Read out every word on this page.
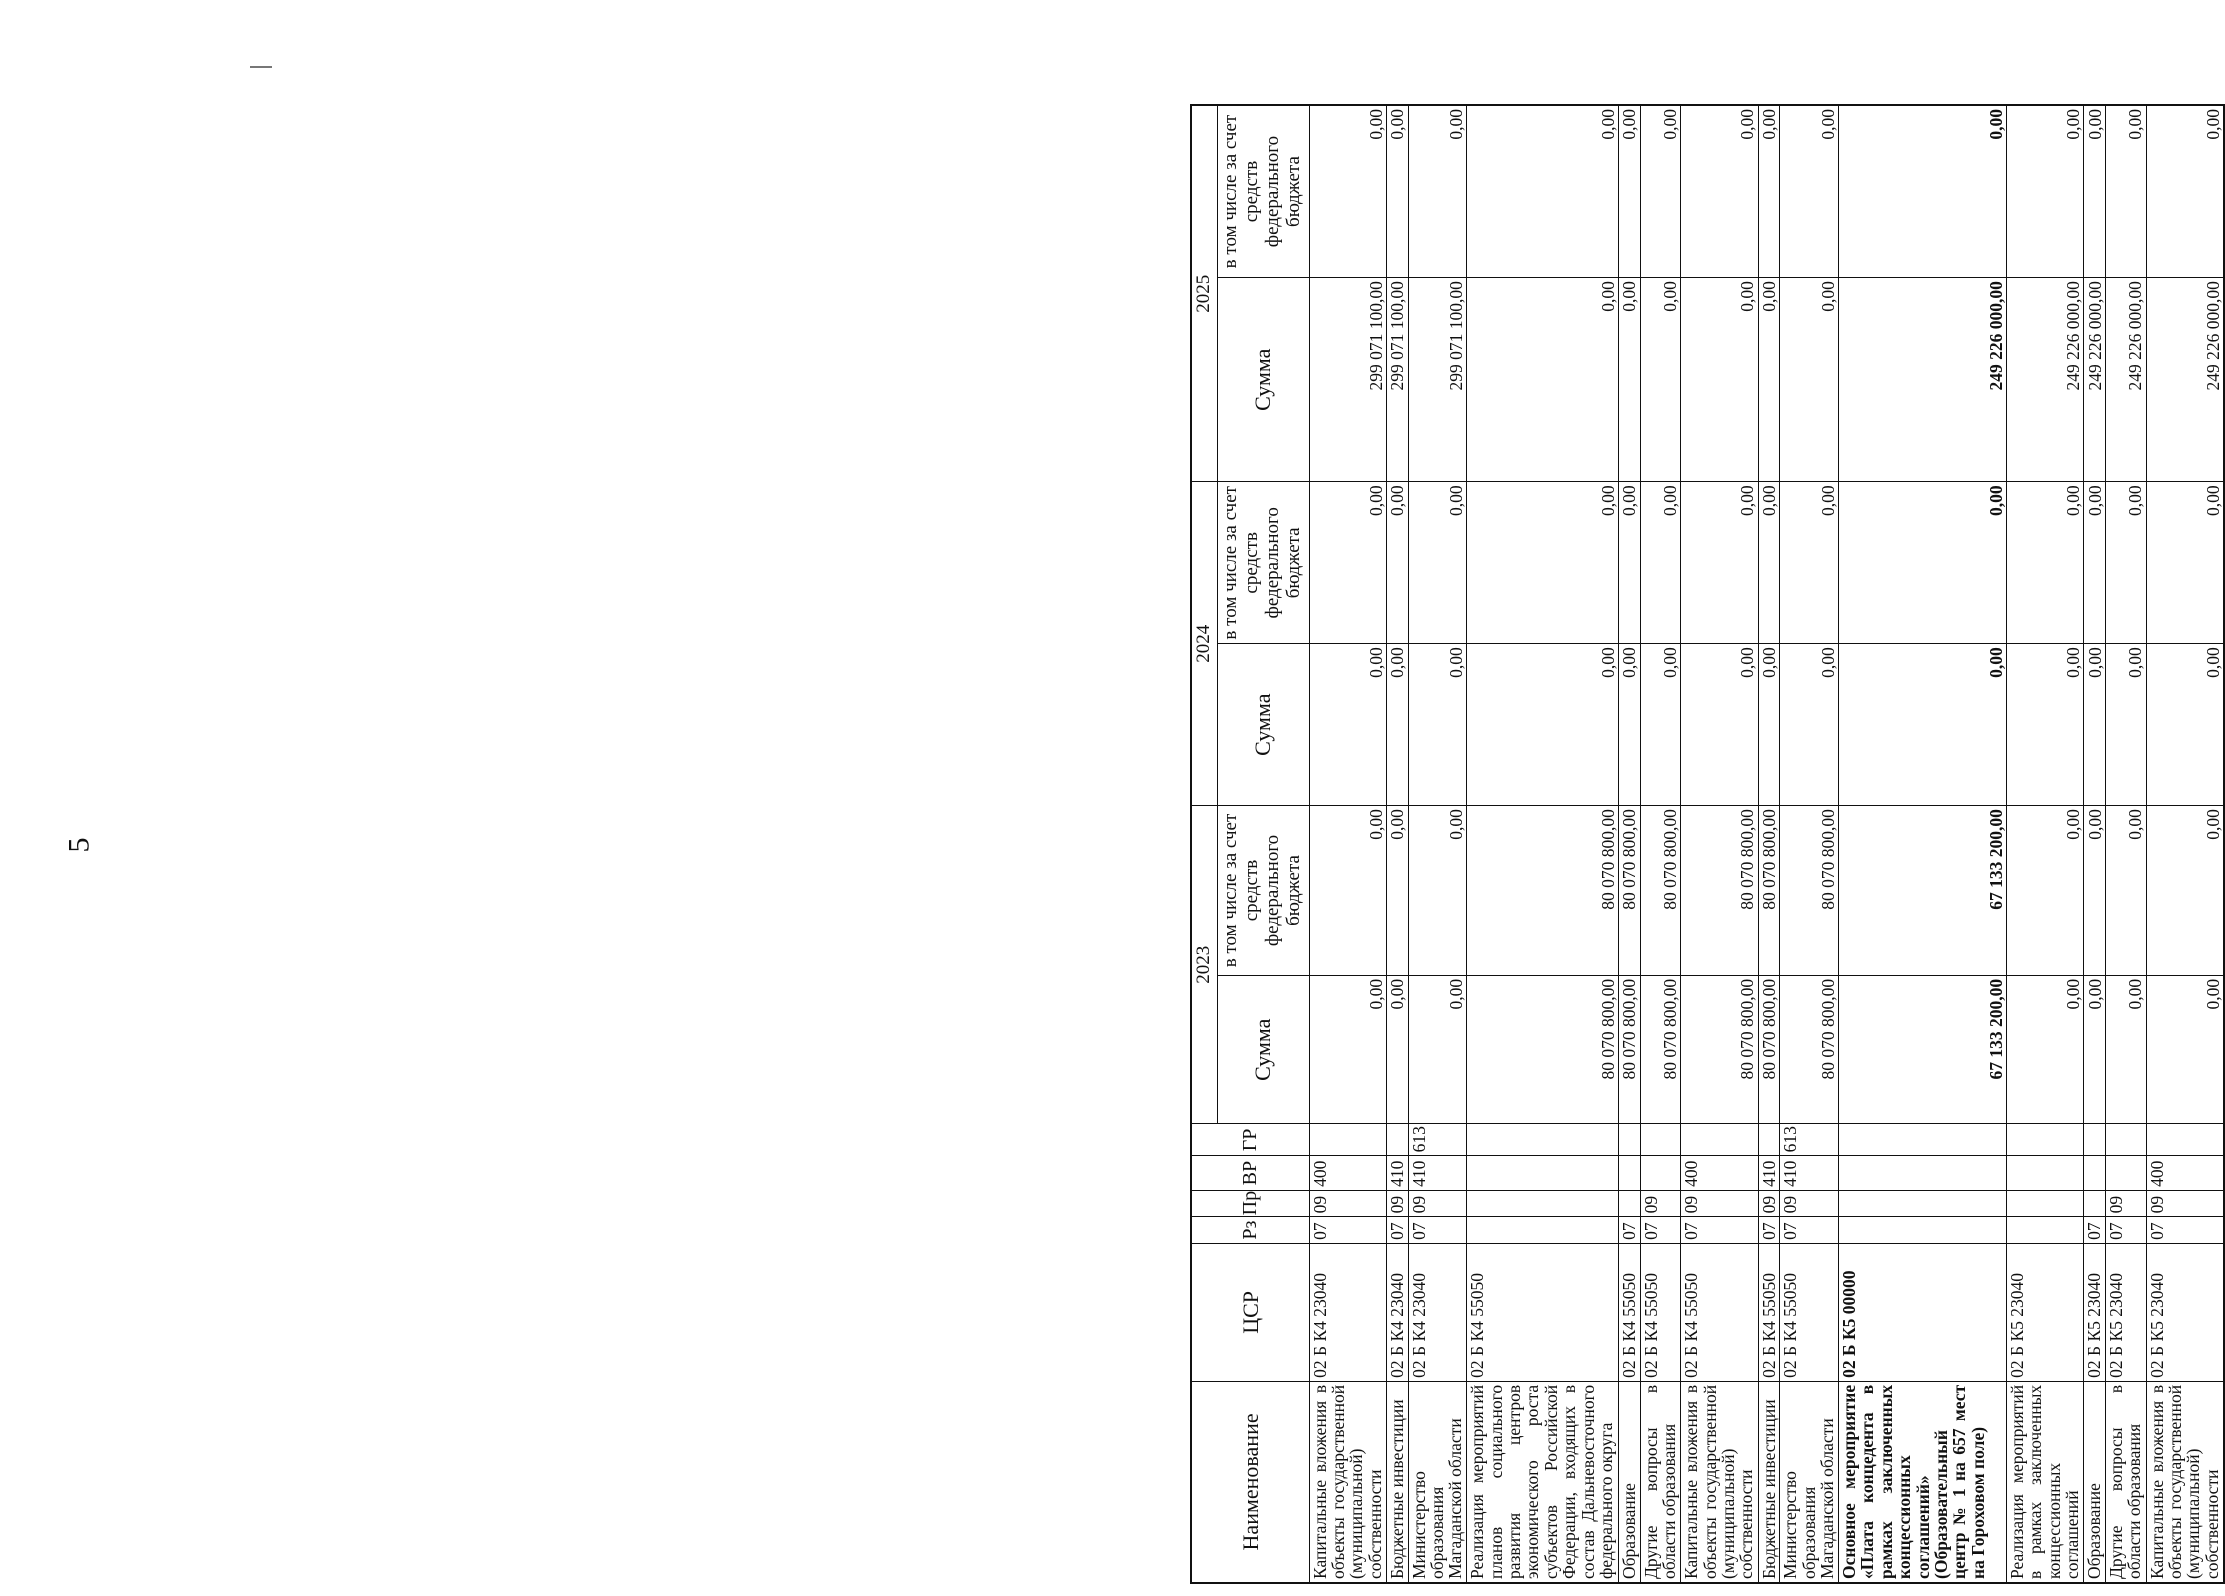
5
Наименование	ЦСР	Рз	Пр	ВР	ГР	2023		2024		2025	
						Сумма	в том числе за счет средств федерального бюджета	Сумма	в том числе за счет средств федерального бюджета	Сумма	в том числе за счет средств федерального бюджета
Капитальные вложения в объекты государственной (муниципальной) собственности	02 Б К4 23040	07	09	400		0,00	0,00	0,00	0,00	299 071 100,00	0,00
Бюджетные инвестиции	02 Б К4 23040	07	09	410		0,00	0,00	0,00	0,00	299 071 100,00	0,00
Министерство образования Магаданской области	02 Б К4 23040	07	09	410	613	0,00	0,00	0,00	0,00	299 071 100,00	0,00
Реализация мероприятий планов социального развития центров экономического роста субъектов Российской Федерации, входящих в состав Дальневосточного федерального округа	02 Б К4 55050					80 070 800,00	80 070 800,00	0,00	0,00	0,00	0,00
Образование	02 Б К4 55050	07				80 070 800,00	80 070 800,00	0,00	0,00	0,00	0,00
Другие вопросы в области образования	02 Б К4 55050	07	09			80 070 800,00	80 070 800,00	0,00	0,00	0,00	0,00
Капитальные вложения в объекты государственной (муниципальной) собственности	02 Б К4 55050	07	09	400		80 070 800,00	80 070 800,00	0,00	0,00	0,00	0,00
Бюджетные инвестиции	02 Б К4 55050	07	09	410		80 070 800,00	80 070 800,00	0,00	0,00	0,00	0,00
Министерство образования Магаданской области	02 Б К4 55050	07	09	410	613	80 070 800,00	80 070 800,00	0,00	0,00	0,00	0,00
Основное мероприятие «Плата концедента в рамках заключенных концессионных соглашений» (Образовательный центр № 1 на 657 мест на Гороховом поле)	02 Б К5 00000					67 133 200,00	67 133 200,00	0,00	0,00	249 226 000,00	0,00
Реализация мероприятий в рамках заключенных концессионных соглашений	02 Б К5 23040					0,00	0,00	0,00	0,00	249 226 000,00	0,00
Образование	02 Б К5 23040	07				0,00	0,00	0,00	0,00	249 226 000,00	0,00
Другие вопросы в области образования	02 Б К5 23040	07	09			0,00	0,00	0,00	0,00	249 226 000,00	0,00
Капитальные вложения в объекты государственной (муниципальной) собственности	02 Б К5 23040	07	09	400		0,00	0,00	0,00	0,00	249 226 000,00	0,00
